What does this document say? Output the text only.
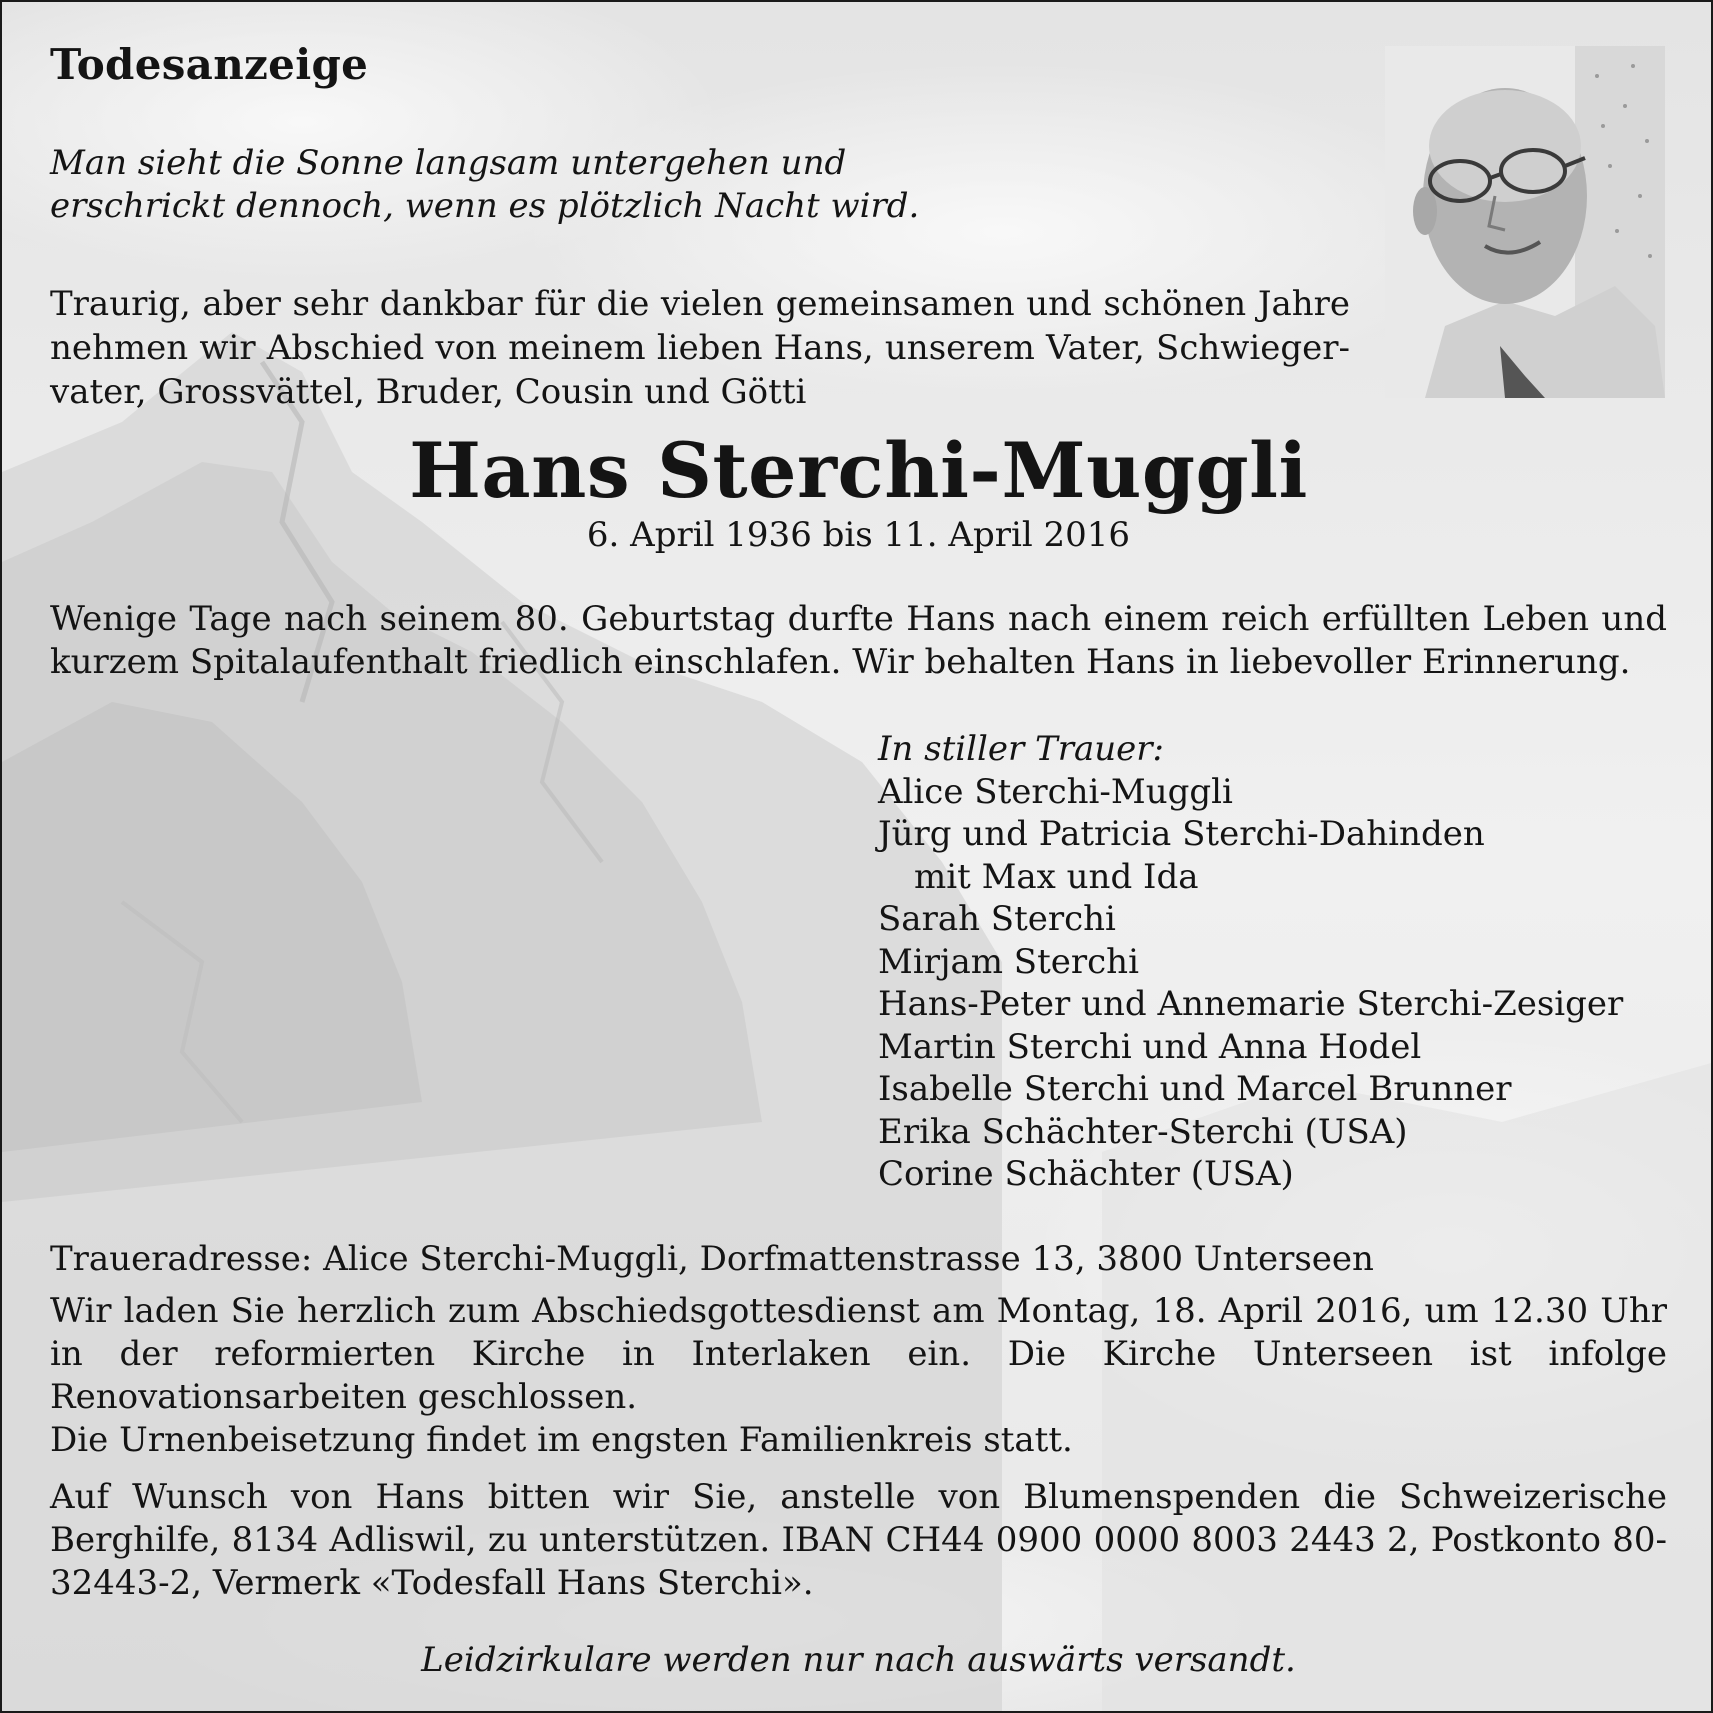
Todesanzeige
Man sieht die Sonne langsam untergehen und
erschrickt dennoch, wenn es plötzlich Nacht wird.
Traurig, aber sehr dankbar für die vielen gemeinsamen und schönen Jahre nehmen wir Abschied von meinem lieben Hans, unserem Vater, Schwieger- vater, Grossvättel, Bruder, Cousin und Götti
Hans Sterchi-Muggli
6. April 1936 bis 11. April 2016
Wenige Tage nach seinem 80. Geburtstag durfte Hans nach einem reich erfüllten Leben und kurzem Spitalaufenthalt friedlich einschlafen. Wir behalten Hans in liebevoller Erinnerung.
In stiller Trauer:
Alice Sterchi-Muggli
Jürg und Patricia Sterchi-Dahinden
mit Max und Ida
Sarah Sterchi
Mirjam Sterchi
Hans-Peter und Annemarie Sterchi-Zesiger
Martin Sterchi und Anna Hodel
Isabelle Sterchi und Marcel Brunner
Erika Schächter-Sterchi (USA)
Corine Schächter (USA)
Traueradresse: Alice Sterchi-Muggli, Dorfmattenstrasse 13, 3800 Unterseen
Wir laden Sie herzlich zum Abschiedsgottesdienst am Montag, 18. April 2016, um 12.30 Uhr in der reformierten Kirche in Interlaken ein. Die Kirche Unterseen ist infolge Renovationsarbeiten geschlossen.
Die Urnenbeisetzung findet im engsten Familienkreis statt.
Auf Wunsch von Hans bitten wir Sie, anstelle von Blumenspenden die Schweizerische Berghilfe, 8134 Adliswil, zu unterstützen. IBAN CH44 0900 0000 8003 2443 2, Postkonto 80-32443-2, Vermerk «Todesfall Hans Sterchi».
Leidzirkulare werden nur nach auswärts versandt.
